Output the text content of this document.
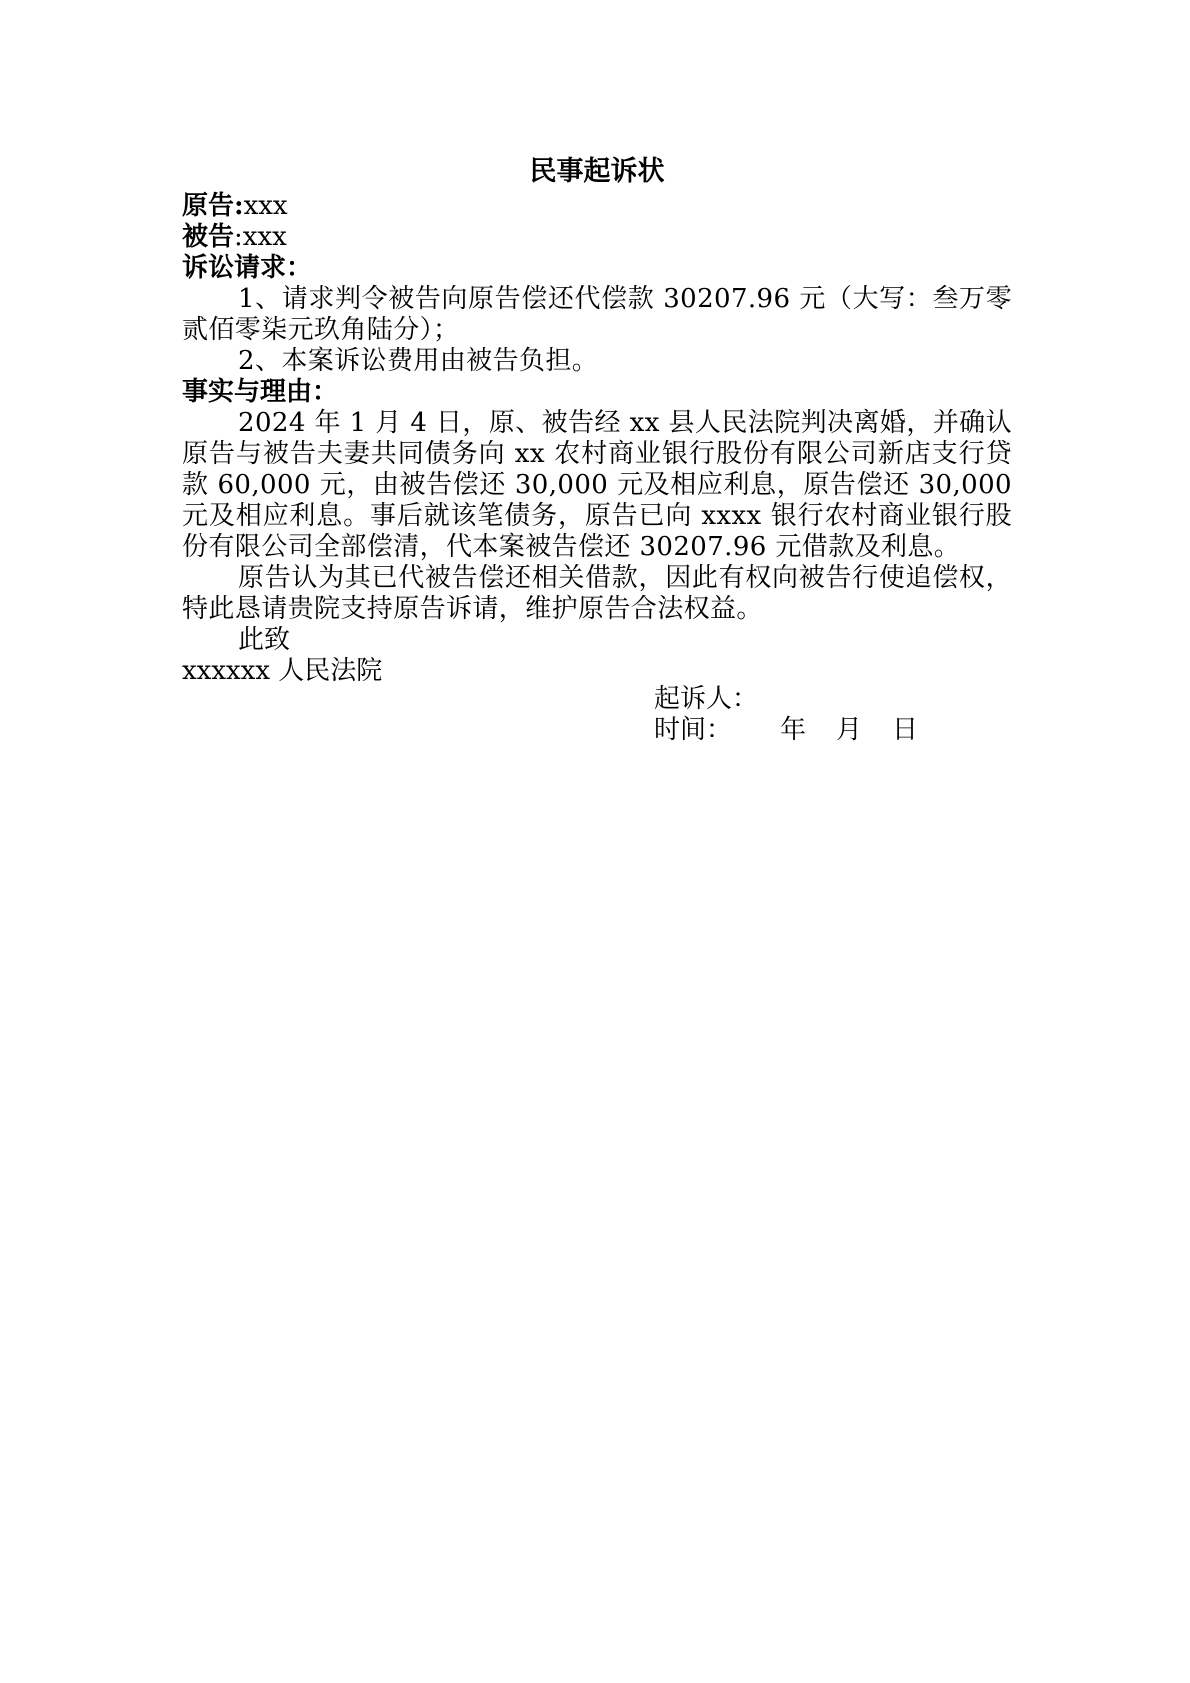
民事起诉状

原告:xxx

被告:xxx

诉讼请求：

1、请求判令被告向原告偿还代偿款 30207.96 元（大写：叁万零贰佰零柒元玖角陆分）；

2、本案诉讼费用由被告负担。

事实与理由：

2024 年 1 月 4 日，原、被告经 xx 县人民法院判决离婚，并确认原告与被告夫妻共同债务向 xx 农村商业银行股份有限公司新店支行贷款 60,000 元，由被告偿还 30,000 元及相应利息，原告偿还 30,000 元及相应利息。事后就该笔债务，原告已向 xxxx 银行农村商业银行股份有限公司全部偿清，代本案被告偿还 30207.96 元借款及利息。

原告认为其已代被告偿还相关借款，因此有权向被告行使追偿权，特此恳请贵院支持原告诉请，维护原告合法权益。

此致

xxxxxx 人民法院

起诉人：
时间： 年 月 日
